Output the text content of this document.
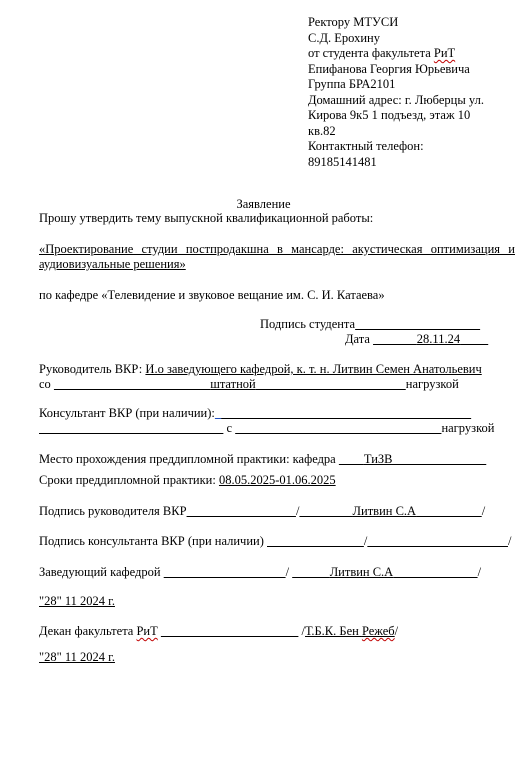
Ректору МТУСИ
С.Д. Ерохину
от студента факультета РиТ
Епифанова Георгия Юрьевича
Группа БРА2101
Домашний адрес: г. Люберцы ул.
Кирова 9к5 1 подъезд, этаж 10
кв.82
Контактный телефон:
89185141481
Заявление
Прошу утвердить тему выпускной квалификационной работы:
«Проектирование студии постпродакшна в мансарде: акустическая оптимизация и аудиовизуальные решения»
по кафедре «Телевидение и звуковое вещание им. С. И. Катаева»
Подпись студента
Дата	28.11.24
Руководитель ВКР: И.о заведующего кафедрой, к. т. н. Литвин Семен Анатольевич
со	штатной	нагрузкой
Консультант ВКР (при наличии):
с	нагрузкой
Место прохождения преддипломной практики: кафедра ТиЗВ
Сроки преддипломной практики: 08.05.2025-01.06.2025
Подпись руководителя ВКР	/	Литвин С.А	/
Подпись консультанта ВКР (при наличии)	/	/
Заведующий кафедрой	/	Литвин С.А	/
"28" 11 2024 г.
Декан факультета РиТ	/Т.Б.К. Бен Режеб/
"28" 11 2024 г.
